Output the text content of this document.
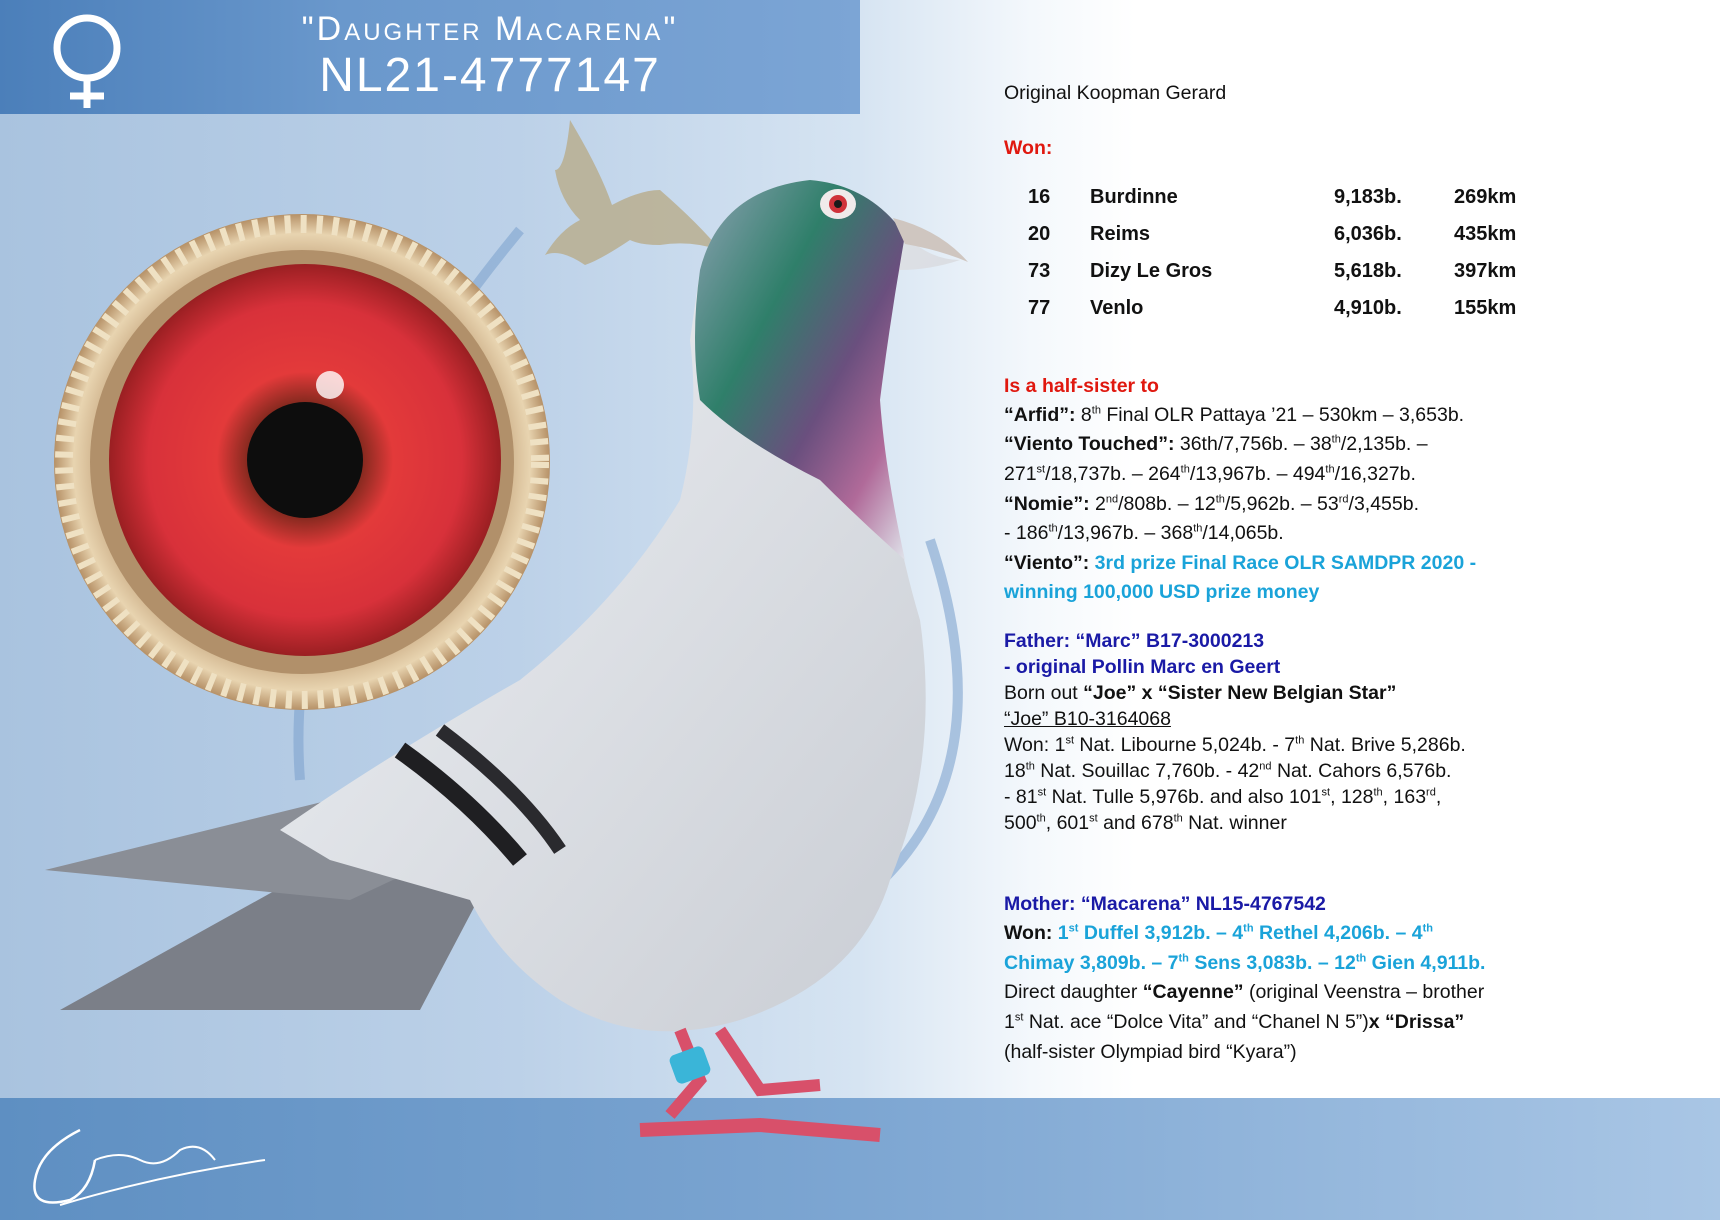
"Daughter Macarena"
NL21-4777147	Original Koopman Gerard
Won:
16 Burdinne	9,183b.	269km
20 Reims	6,036b.	435km
73 Dizy Le Gros	5,618b.	397km
77 Venlo	4,910b.	155km
Is a half-sister to
“Arfid”: 8th Final OLR Pattaya ’21 – 530km – 3,653b.
“Viento Touched”: 36th/7,756b. – 38th/2,135b. –
271st/18,737b. – 264th/13,967b. – 494th/16,327b.
“Nomie”: 2nd/808b. – 12th/5,962b. – 53rd/3,455b.
- 186th/13,967b. – 368th/14,065b.
“Viento”: 3rd prize Final Race OLR SAMDPR 2020 -
winning 100,000 USD prize money
Father: “Marc” B17-3000213
- original Pollin Marc en Geert
Born out “Joe” x “Sister New Belgian Star”
“Joe” B10-3164068
Won: 1st Nat. Libourne 5,024b. - 7th Nat. Brive 5,286b.
18th Nat. Souillac 7,760b. - 42nd Nat. Cahors 6,576b.
- 81st Nat. Tulle 5,976b. and also 101st, 128th, 163rd,
500th, 601st and 678th Nat. winner
Mother: “Macarena” NL15-4767542
Won: 1st Duffel 3,912b. – 4th Rethel 4,206b. – 4th
Chimay 3,809b. – 7th Sens 3,083b. – 12th Gien 4,911b.
Direct daughter “Cayenne” (original Veenstra – brother
1st Nat. ace “Dolce Vita” and “Chanel N 5”)x “Drissa”
(half-sister Olympiad bird “Kyara”)
